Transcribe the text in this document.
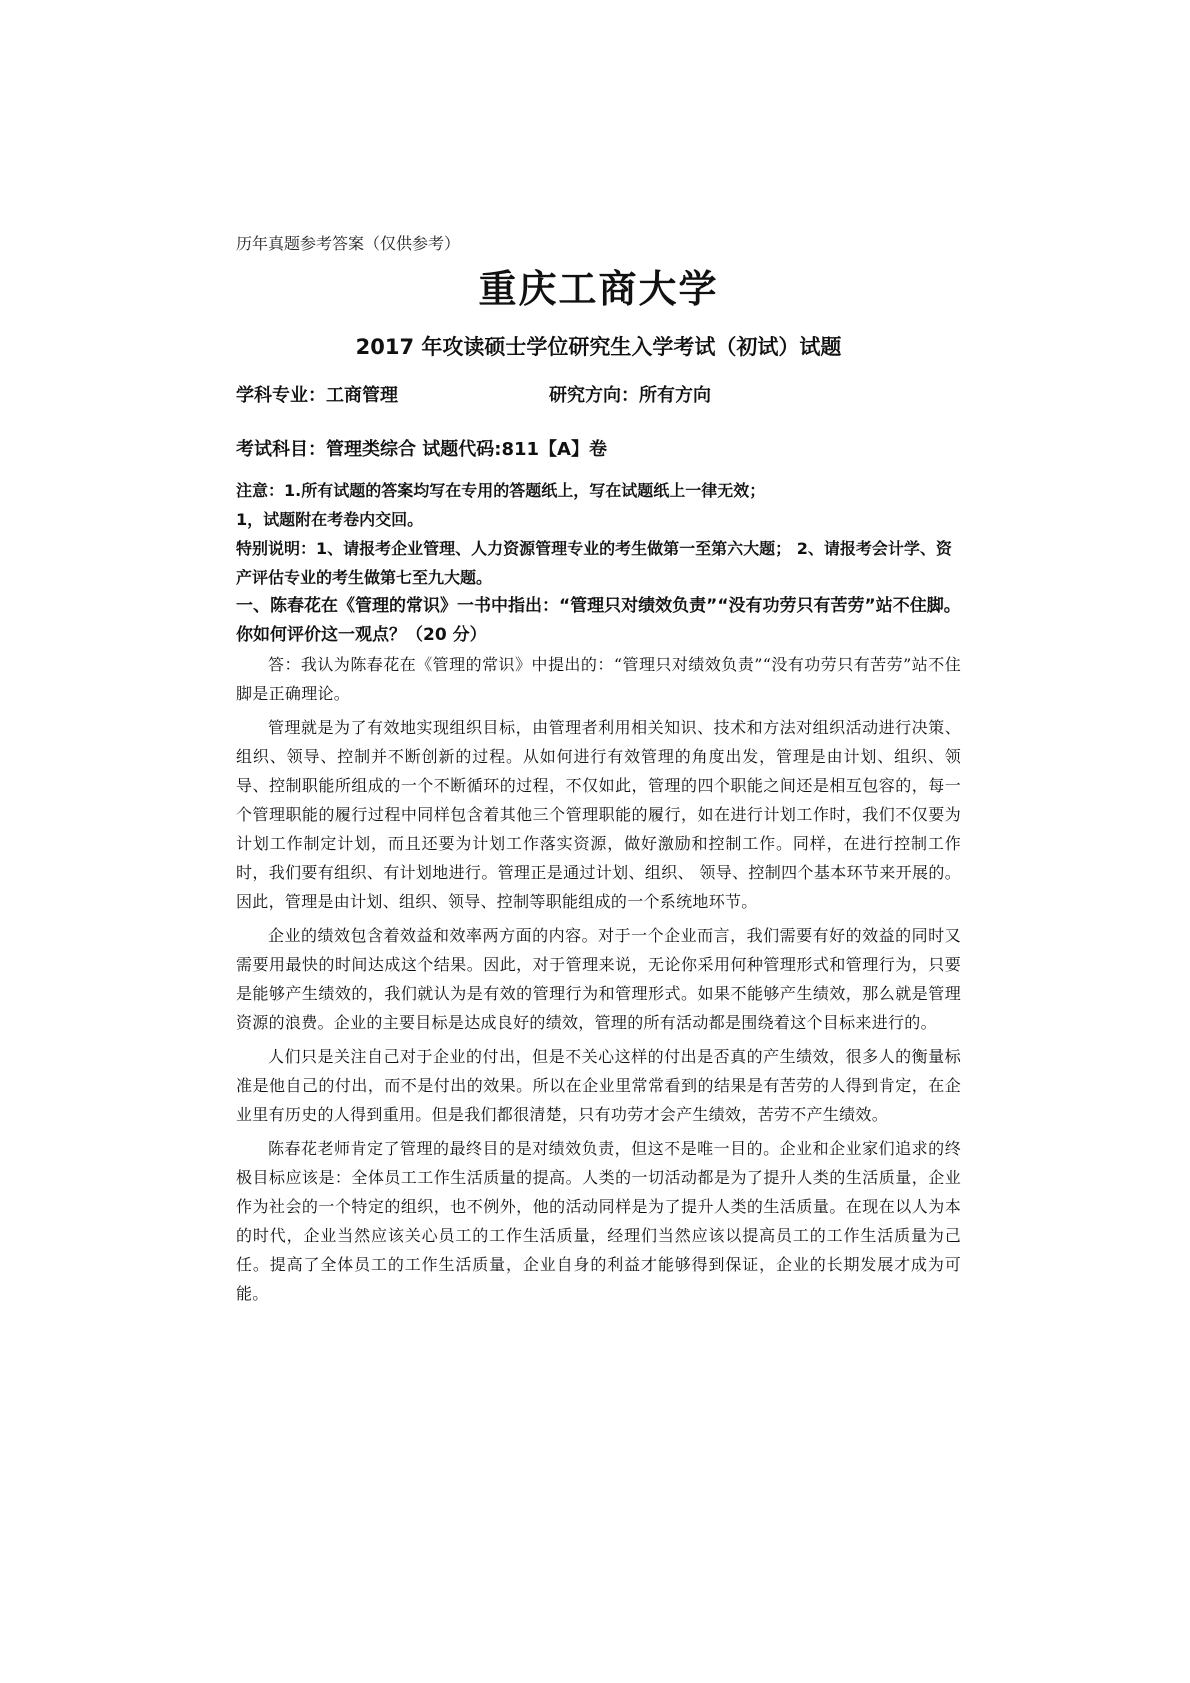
历年真题参考答案（仅供参考）

重庆工商大学
2017 年攻读硕士学位研究生入学考试（初试）试题
学科专业：工商管理	研究方向：所有方向
考试科目：管理类综合 试题代码:811【A】卷

注意：1.所有试题的答案均写在专用的答题纸上，写在试题纸上一律无效；

1，试题附在考卷内交回。

特别说明：1、请报考企业管理、人力资源管理专业的考生做第一至第六大题； 2、请报考会计学、资产评估专业的考生做第七至九大题。

一、陈春花在《管理的常识》一书中指出：“管理只对绩效负责”“没有功劳只有苦劳”站不住脚。你如何评价这一观点？（20 分）

答：我认为陈春花在《管理的常识》中提出的：“管理只对绩效负责”“没有功劳只有苦劳”站不住脚是正确理论。

管理就是为了有效地实现组织目标，由管理者利用相关知识、技术和方法对组织活动进行决策、组织、领导、控制并不断创新的过程。从如何进行有效管理的角度出发，管理是由计划、组织、领导、控制职能所组成的一个不断循环的过程，不仅如此，管理的四个职能之间还是相互包容的，每一个管理职能的履行过程中同样包含着其他三个管理职能的履行，如在进行计划工作时，我们不仅要为计划工作制定计划，而且还要为计划工作落实资源，做好激励和控制工作。同样，在进行控制工作时，我们要有组织、有计划地进行。管理正是通过计划、组织、 领导、控制四个基本环节来开展的。因此，管理是由计划、组织、领导、控制等职能组成的一个系统地环节。

企业的绩效包含着效益和效率两方面的内容。对于一个企业而言，我们需要有好的效益的同时又需要用最快的时间达成这个结果。因此，对于管理来说，无论你采用何种管理形式和管理行为，只要是能够产生绩效的，我们就认为是有效的管理行为和管理形式。如果不能够产生绩效，那么就是管理资源的浪费。企业的主要目标是达成良好的绩效，管理的所有活动都是围绕着这个目标来进行的。

人们只是关注自己对于企业的付出，但是不关心这样的付出是否真的产生绩效，很多人的衡量标准是他自己的付出，而不是付出的效果。所以在企业里常常看到的结果是有苦劳的人得到肯定，在企业里有历史的人得到重用。但是我们都很清楚，只有功劳才会产生绩效，苦劳不产生绩效。

陈春花老师肯定了管理的最终目的是对绩效负责，但这不是唯一目的。企业和企业家们追求的终极目标应该是：全体员工工作生活质量的提高。人类的一切活动都是为了提升人类的生活质量，企业作为社会的一个特定的组织，也不例外，他的活动同样是为了提升人类的生活质量。在现在以人为本的时代，企业当然应该关心员工的工作生活质量，经理们当然应该以提高员工的工作生活质量为己任。提高了全体员工的工作生活质量，企业自身的利益才能够得到保证，企业的长期发展才成为可能。
